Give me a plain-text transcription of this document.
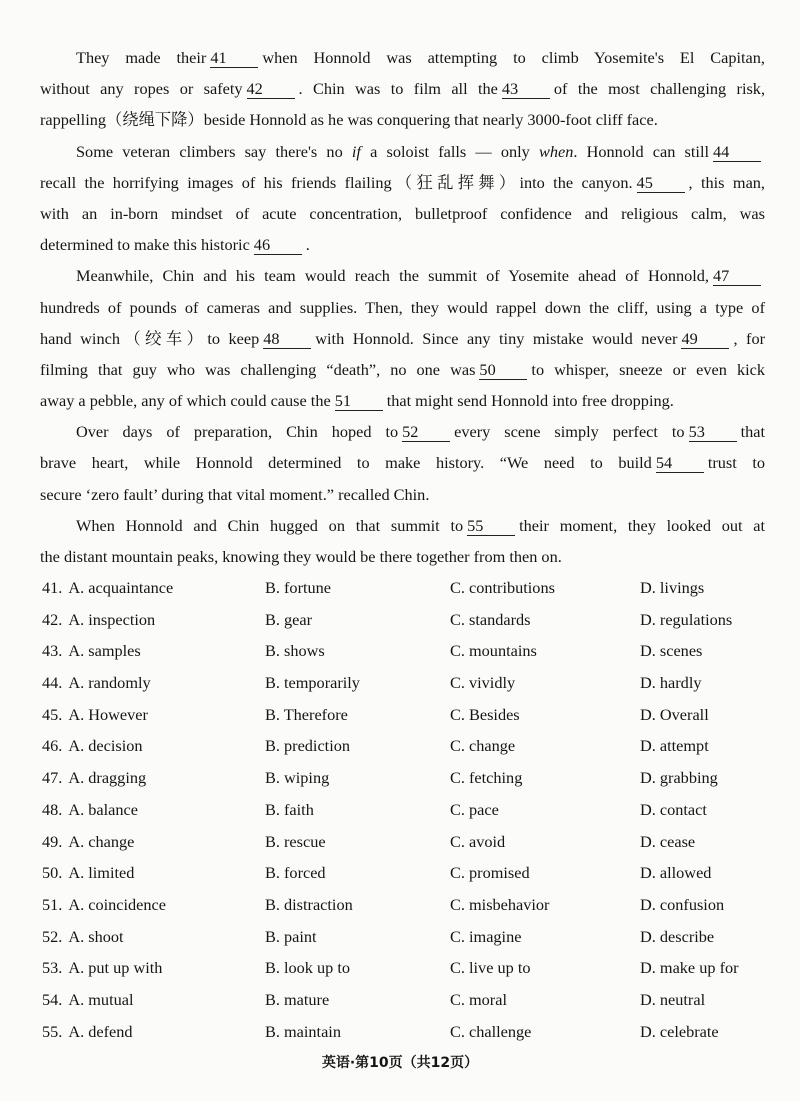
They made their 41 when Honnold was attempting to climb Yosemite's El Capitan,
without any ropes or safety 42 . Chin was to film all the 43 of the most challenging risk,
rappelling（绕绳下降）beside Honnold as he was conquering that nearly 3000-foot cliff face.
Some veteran climbers say there's no if a soloist falls — only when. Honnold can still 44
recall the horrifying images of his friends flailing（狂乱挥舞）into the canyon. 45 , this man,
with an in-born mindset of acute concentration, bulletproof confidence and religious calm, was
determined to make this historic 46 .
Meanwhile, Chin and his team would reach the summit of Yosemite ahead of Honnold, 47
hundreds of pounds of cameras and supplies. Then, they would rappel down the cliff, using a type of
hand winch（绞车）to keep 48 with Honnold. Since any tiny mistake would never 49 , for
filming that guy who was challenging “death”, no one was 50 to whisper, sneeze or even kick
away a pebble, any of which could cause the 51 that might send Honnold into free dropping.
Over days of preparation, Chin hoped to 52 every scene simply perfect to 53 that
brave heart, while Honnold determined to make history. “We need to build 54 trust to
secure ‘zero fault’ during that vital moment.” recalled Chin.
When Honnold and Chin hugged on that summit to 55 their moment, they looked out at
the distant mountain peaks, knowing they would be there together from then on.
41. A. acquaintance	B. fortune	C. contributions	D. livings
42. A. inspection	B. gear	C. standards	D. regulations
43. A. samples	B. shows	C. mountains	D. scenes
44. A. randomly	B. temporarily	C. vividly	D. hardly
45. A. However	B. Therefore	C. Besides	D. Overall
46. A. decision	B. prediction	C. change	D. attempt
47. A. dragging	B. wiping	C. fetching	D. grabbing
48. A. balance	B. faith	C. pace	D. contact
49. A. change	B. rescue	C. avoid	D. cease
50. A. limited	B. forced	C. promised	D. allowed
51. A. coincidence	B. distraction	C. misbehavior	D. confusion
52. A. shoot	B. paint	C. imagine	D. describe
53. A. put up with	B. look up to	C. live up to	D. make up for
54. A. mutual	B. mature	C. moral	D. neutral
55. A. defend	B. maintain	C. challenge	D. celebrate
英语·第10页（共12页）
